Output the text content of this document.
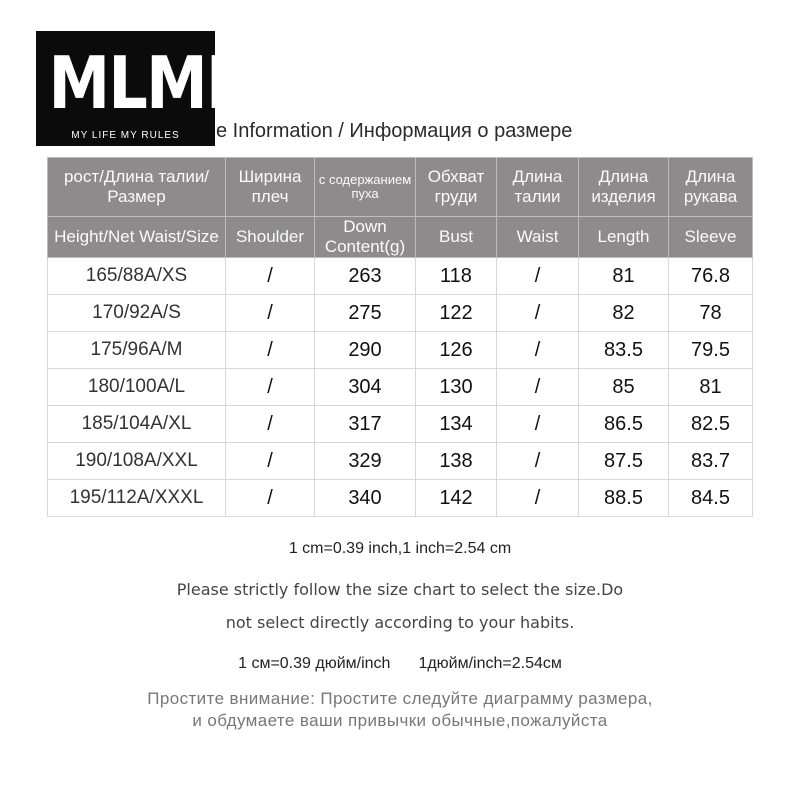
MLMR
MY LIFE MY RULES	e Information / Информация о размере
рост/Длина талии/Размер	Ширина плеч	с содержанием пуха	Обхват груди	Длина талии	Длина изделия	Длина рукава
Height/Net Waist/Size	Shoulder	Down Content(g)	Bust	Waist	Length	Sleeve
165/88A/XS	/	263	118	/	81	76.8
170/92A/S	/	275	122	/	82	78
175/96A/M	/	290	126	/	83.5	79.5
180/100A/L	/	304	130	/	85	81
185/104A/XL	/	317	134	/	86.5	82.5
190/108A/XXL	/	329	138	/	87.5	83.7
195/112A/XXXL	/	340	142	/	88.5	84.5
1 cm=0.39 inch,1 inch=2.54 cm
Please strictly follow the size chart to select the size.Do
not select directly according to your habits.
1 см=0.39 дюйм/inch 1дюйм/inch=2.54см
Простите внимание: Простите следуйте диаграмму размера,
и обдумаете ваши привычки обычные,пожалуйста
